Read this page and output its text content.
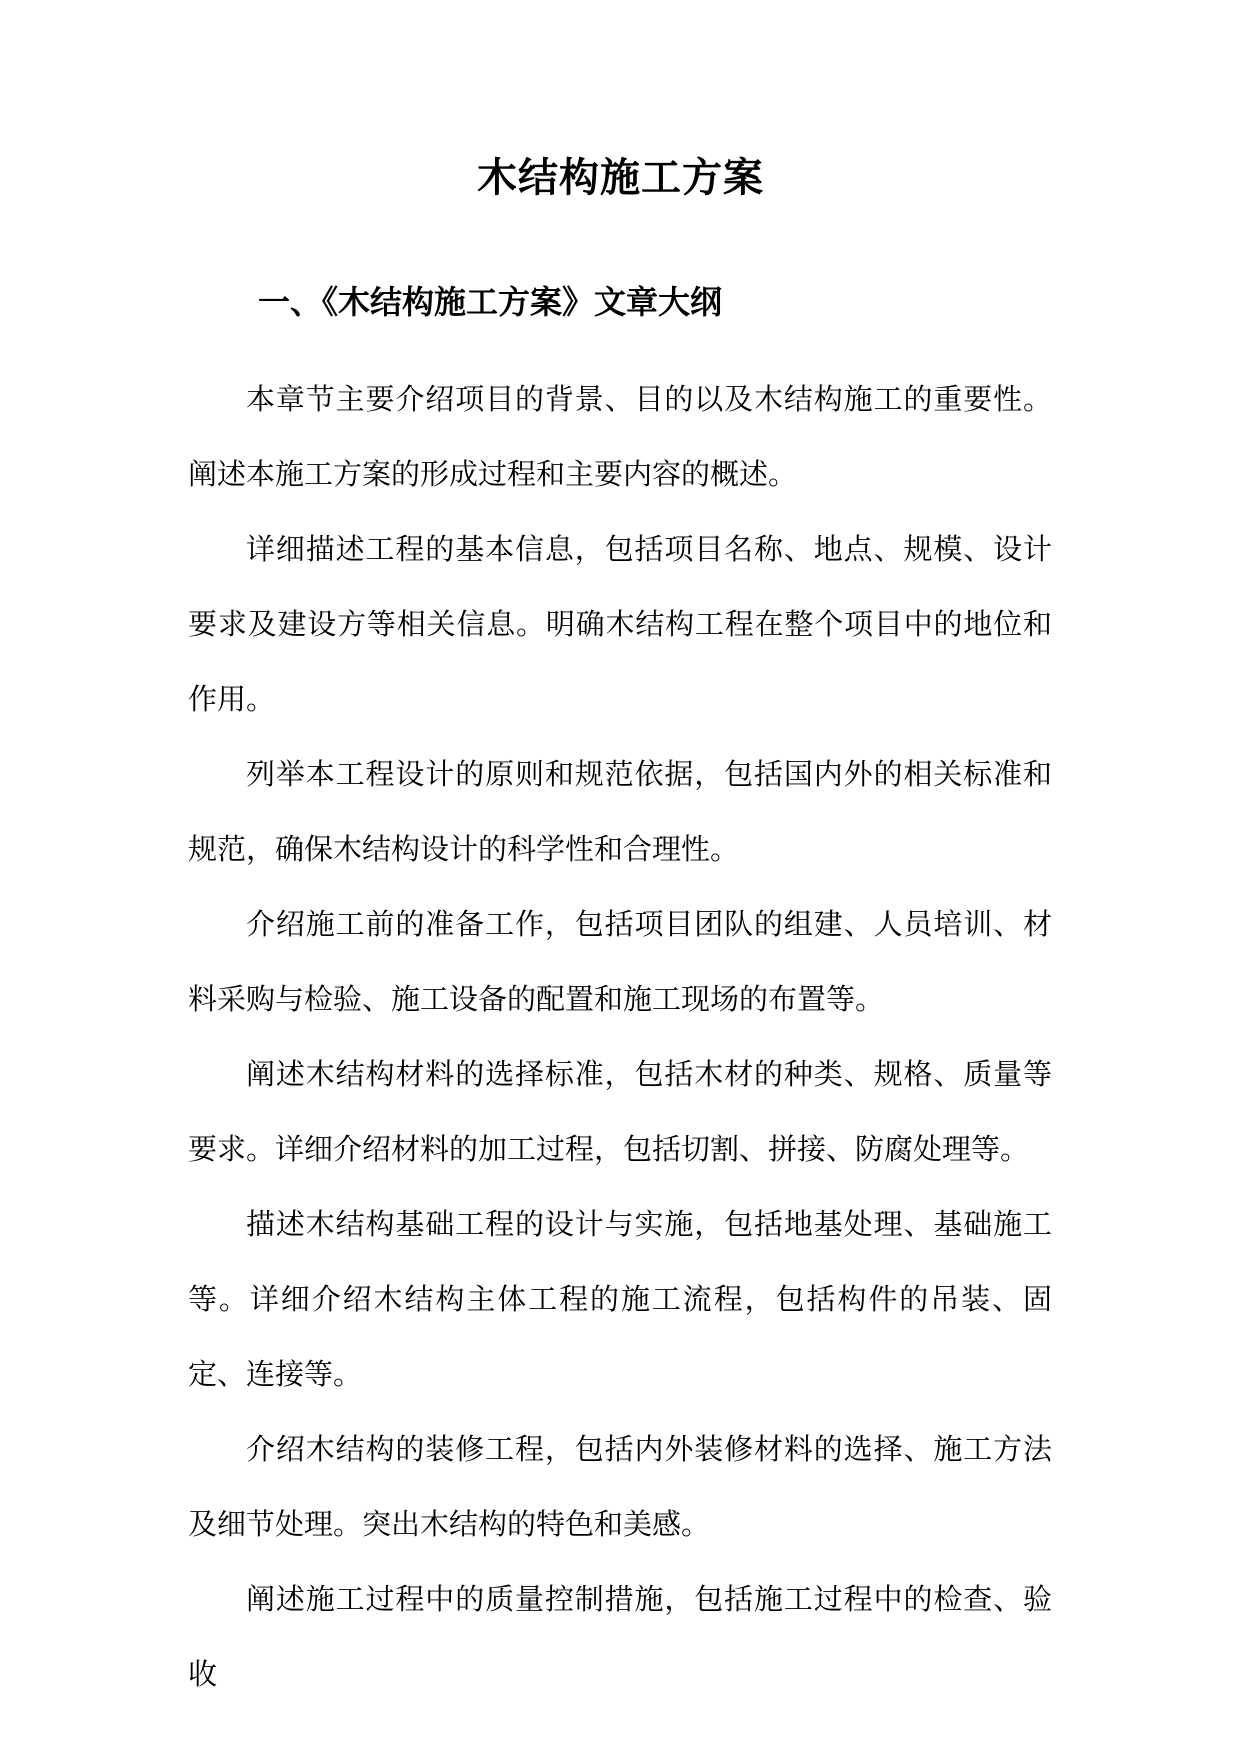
木结构施工方案
一、《木结构施工方案》文章大纲

本章节主要介绍项目的背景、目的以及木结构施工的重要性。阐述本施工方案的形成过程和主要内容的概述。

详细描述工程的基本信息，包括项目名称、地点、规模、设计要求及建设方等相关信息。明确木结构工程在整个项目中的地位和作用。

列举本工程设计的原则和规范依据，包括国内外的相关标准和规范，确保木结构设计的科学性和合理性。

介绍施工前的准备工作，包括项目团队的组建、人员培训、材料采购与检验、施工设备的配置和施工现场的布置等。

阐述木结构材料的选择标准，包括木材的种类、规格、质量等要求。详细介绍材料的加工过程，包括切割、拼接、防腐处理等。

描述木结构基础工程的设计与实施，包括地基处理、基础施工等。详细介绍木结构主体工程的施工流程，包括构件的吊装、固定、连接等。

介绍木结构的装修工程，包括内外装修材料的选择、施工方法及细节处理。突出木结构的特色和美感。

阐述施工过程中的质量控制措施，包括施工过程中的检查、验收
